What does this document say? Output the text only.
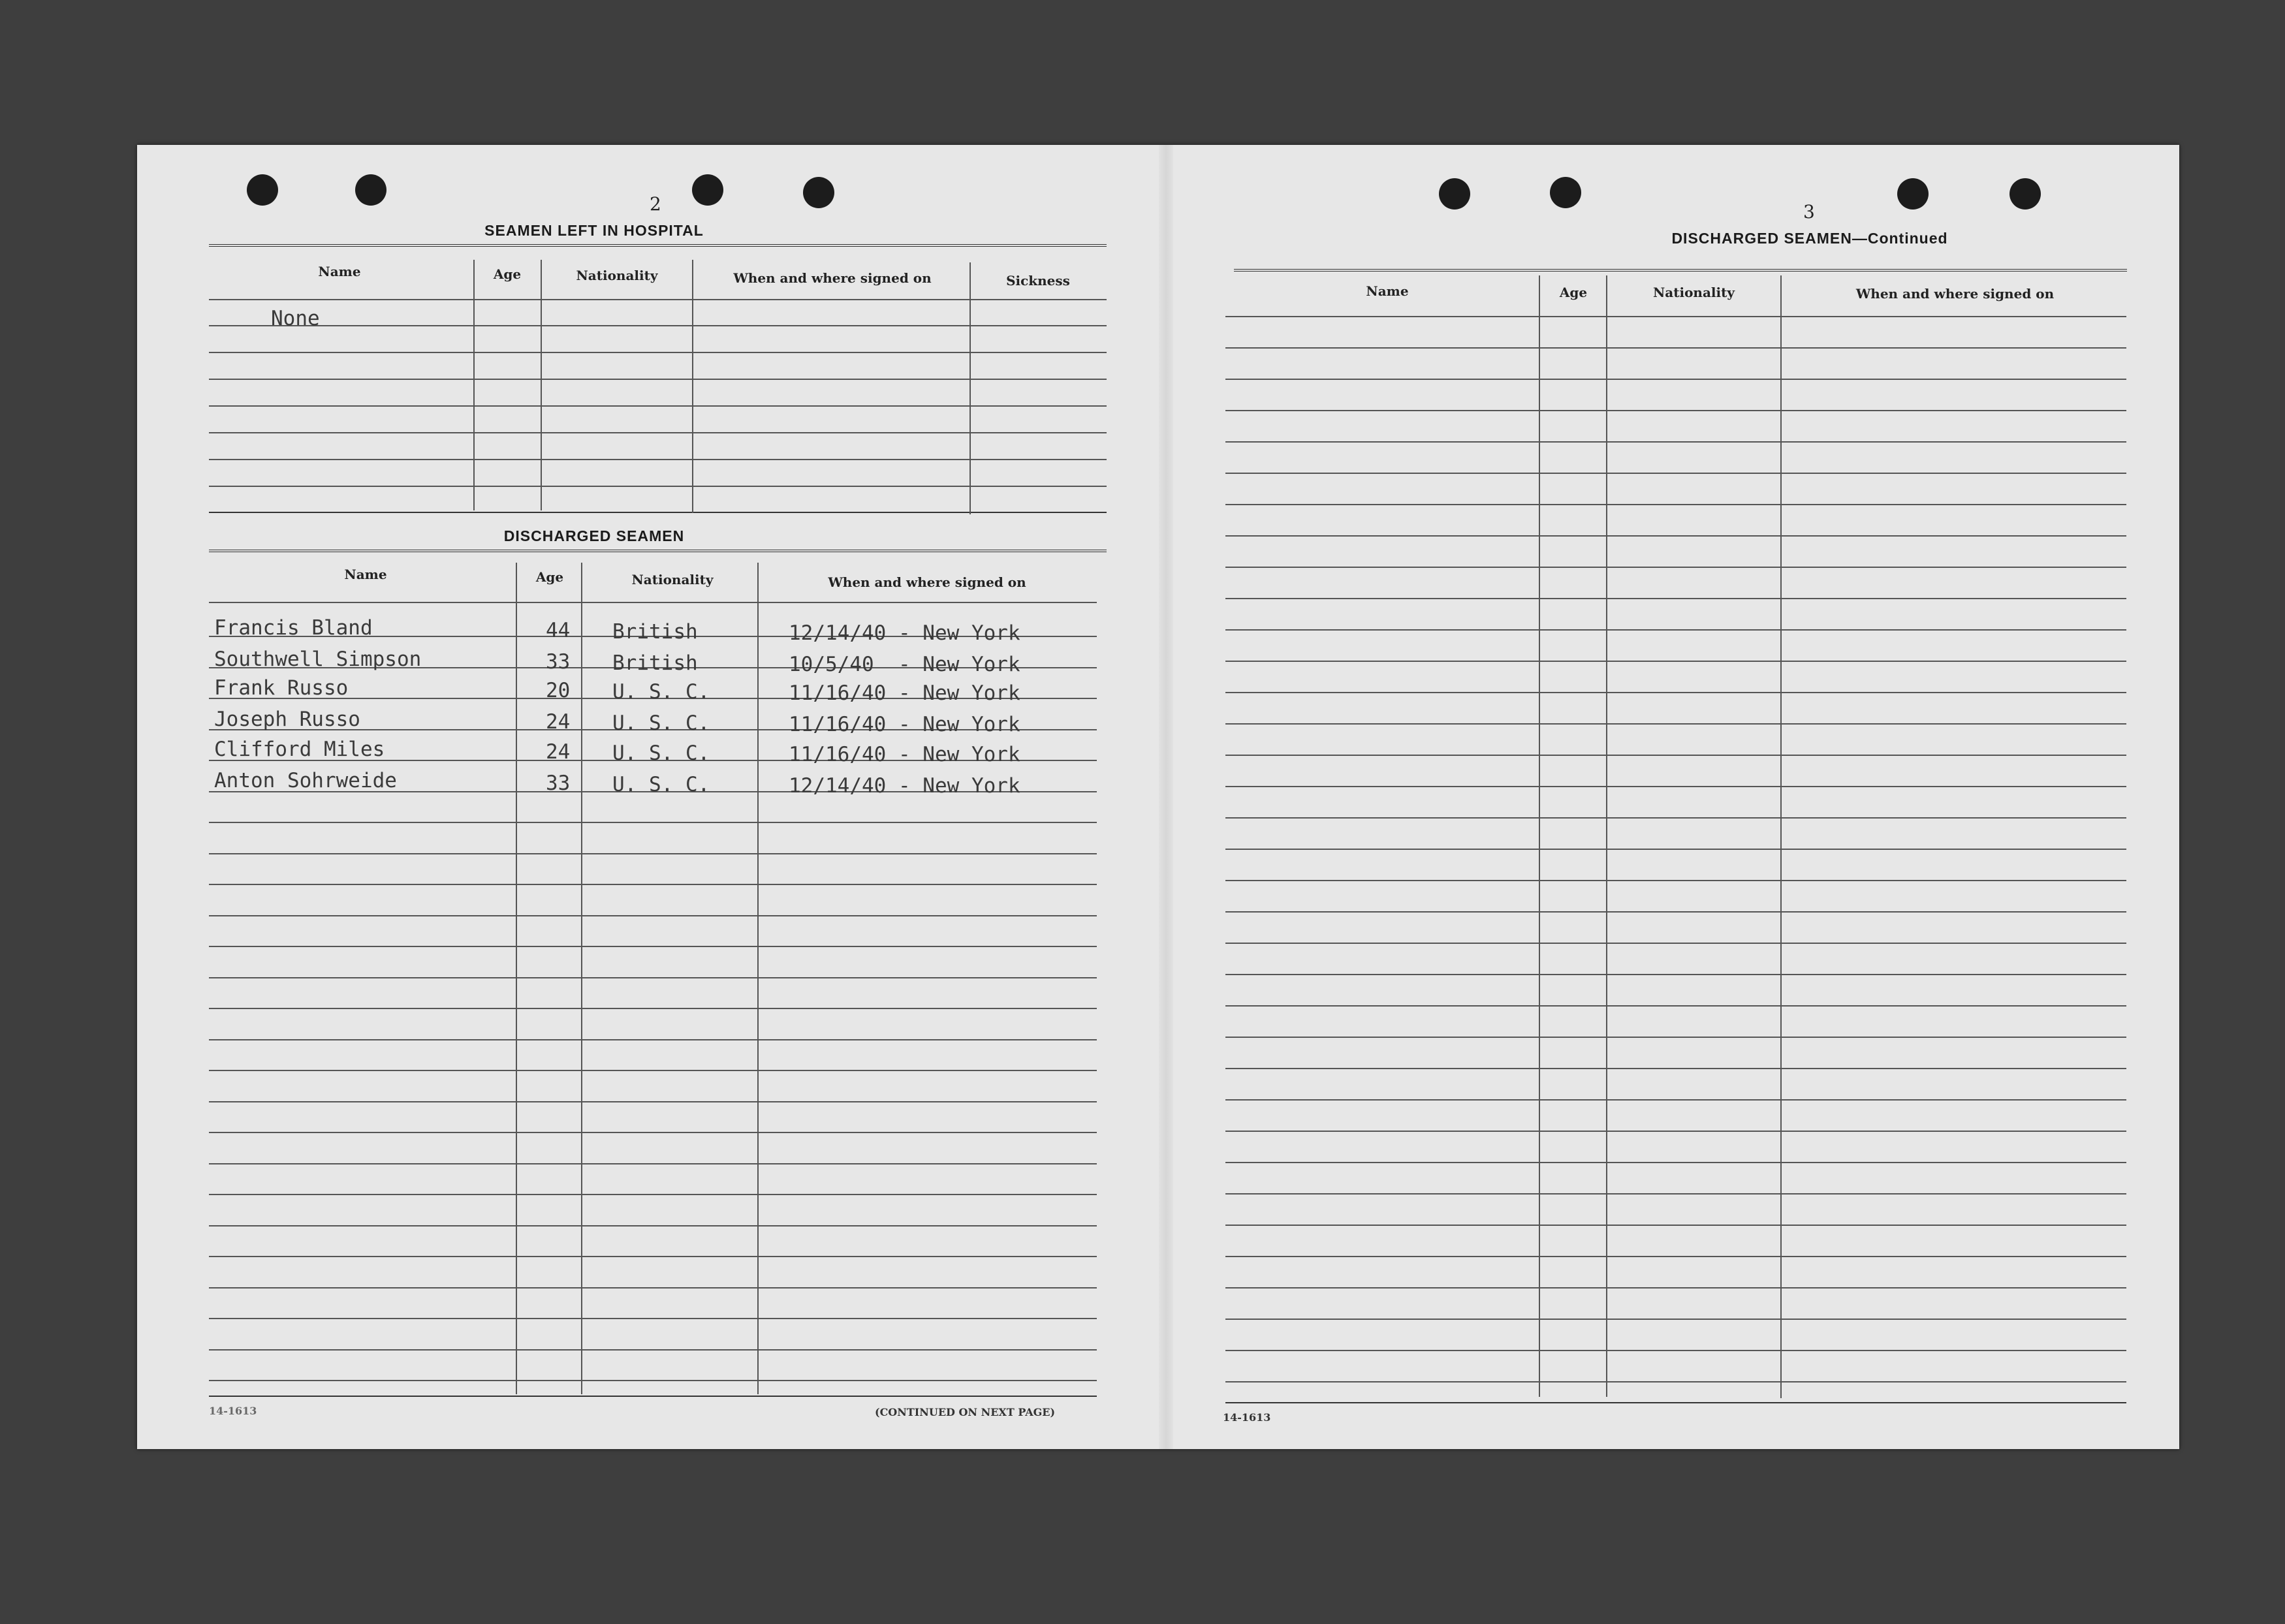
2
SEAMEN LEFT IN HOSPITAL
Name	Age	Nationality	When and where signed on	Sickness
None
DISCHARGED SEAMEN
Name	Age	Nationality	When and where signed on
Francis Bland	44 British	12/14/40 - New York
Southwell Simpson	33 British	10/5/40  - New York
Frank Russo	20 U. S. C.	11/16/40 - New York
Joseph Russo	24 U. S. C.	11/16/40 - New York
Clifford Miles	24 U. S. C.	11/16/40 - New York
Anton Sohrweide	33 U. S. C.	12/14/40 - New York
14-1613	(CONTINUED ON NEXT PAGE)
3
DISCHARGED SEAMEN—Continued
Name	Age	Nationality	When and where signed on
14-1613
